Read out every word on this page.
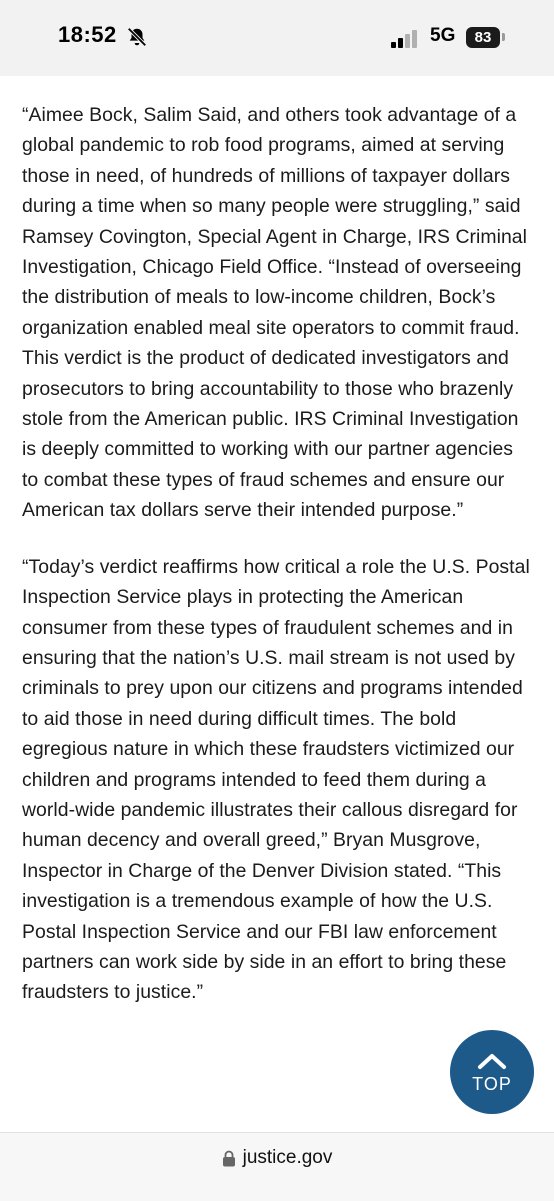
18:52	5G	83

“Aimee Bock, Salim Said, and others took advantage of a global pandemic to rob food programs, aimed at serving those in need, of hundreds of millions of taxpayer dollars during a time when so many people were struggling,” said Ramsey Covington, Special Agent in Charge, IRS Criminal Investigation, Chicago Field Office. “Instead of overseeing the distribution of meals to low-income children, Bock’s organization enabled meal site operators to commit fraud. This verdict is the product of dedicated investigators and prosecutors to bring accountability to those who brazenly stole from the American public. IRS Criminal Investigation is deeply committed to working with our partner agencies to combat these types of fraud schemes and ensure our American tax dollars serve their intended purpose.”

“Today’s verdict reaffirms how critical a role the U.S. Postal Inspection Service plays in protecting the American consumer from these types of fraudulent schemes and in ensuring that the nation’s U.S. mail stream is not used by criminals to prey upon our citizens and programs intended to aid those in need during difficult times. The bold egregious nature in which these fraudsters victimized our children and programs intended to feed them during a world-wide pandemic illustrates their callous disregard for human decency and overall greed,” Bryan Musgrove, Inspector in Charge of the Denver Division stated. “This investigation is a tremendous example of how the U.S. Postal Inspection Service and our FBI law enforcement partners can work side by side in an effort to bring these fraudsters to justice.”

TOP
justice.gov
